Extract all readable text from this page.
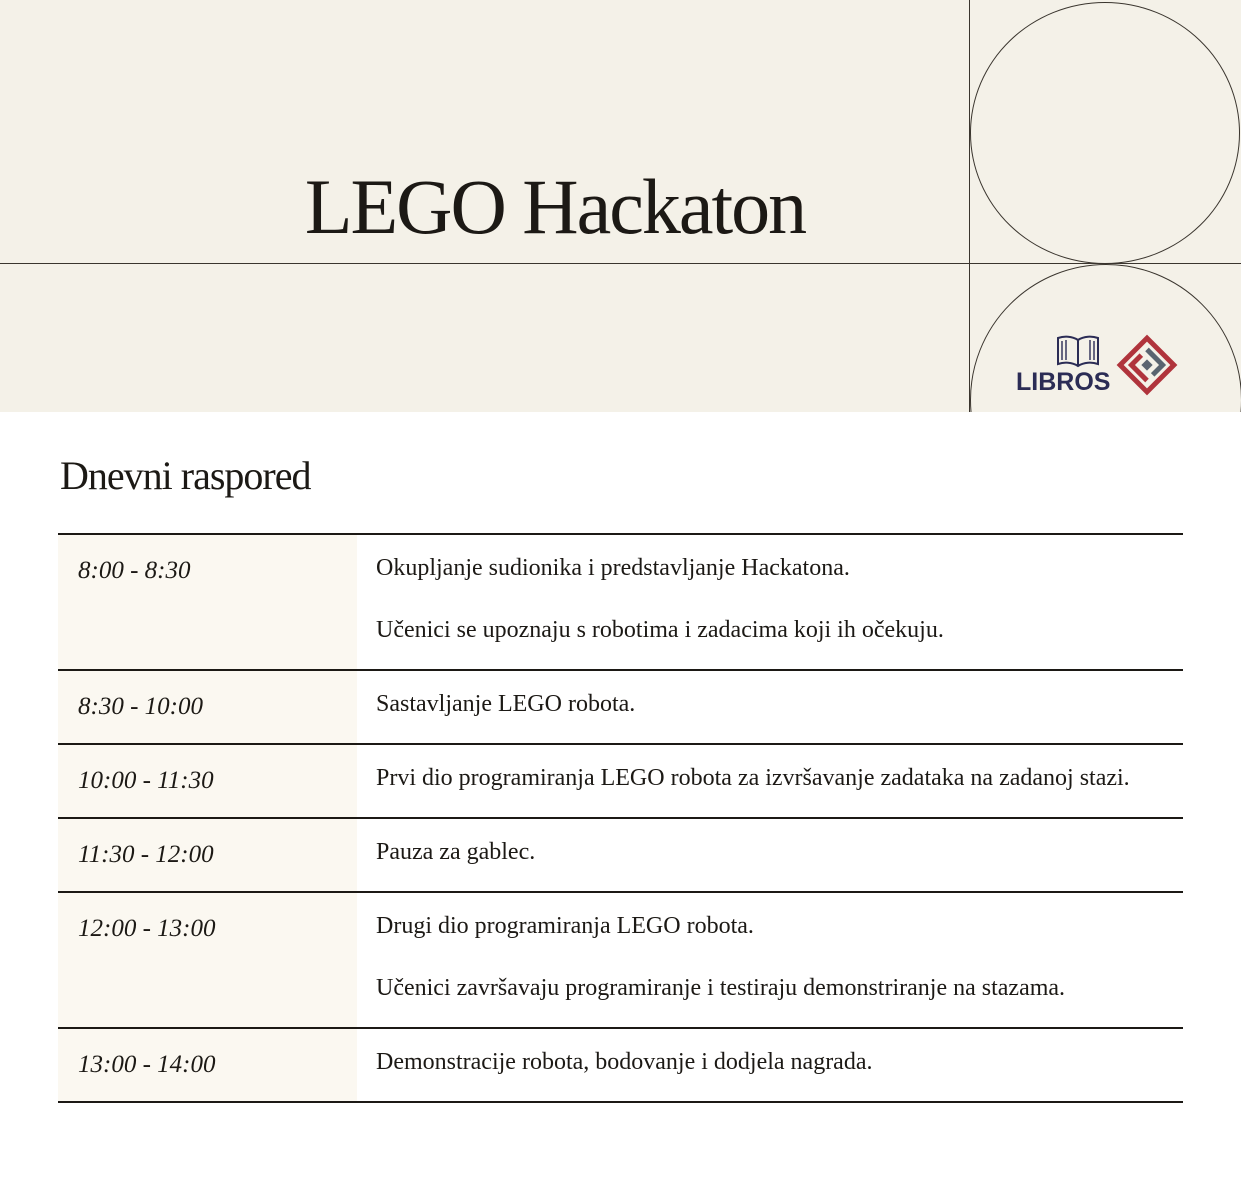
LEGO Hackaton
LIBROS
Dnevni raspored
8:00 - 8:30	Okupljanje sudionika i predstavljanje Hackatona.

Učenici se upoznaju s robotima i zadacima koji ih očekuju.

8:30 - 10:00	Sastavljanje LEGO robota.

10:00 - 11:30	Prvi dio programiranja LEGO robota za izvršavanje zadataka na zadanoj stazi.

11:30 - 12:00	Pauza za gablec.

12:00 - 13:00	Drugi dio programiranja LEGO robota.

Učenici završavaju programiranje i testiraju demonstriranje na stazama.

13:00 - 14:00	Demonstracije robota, bodovanje i dodjela nagrada.
